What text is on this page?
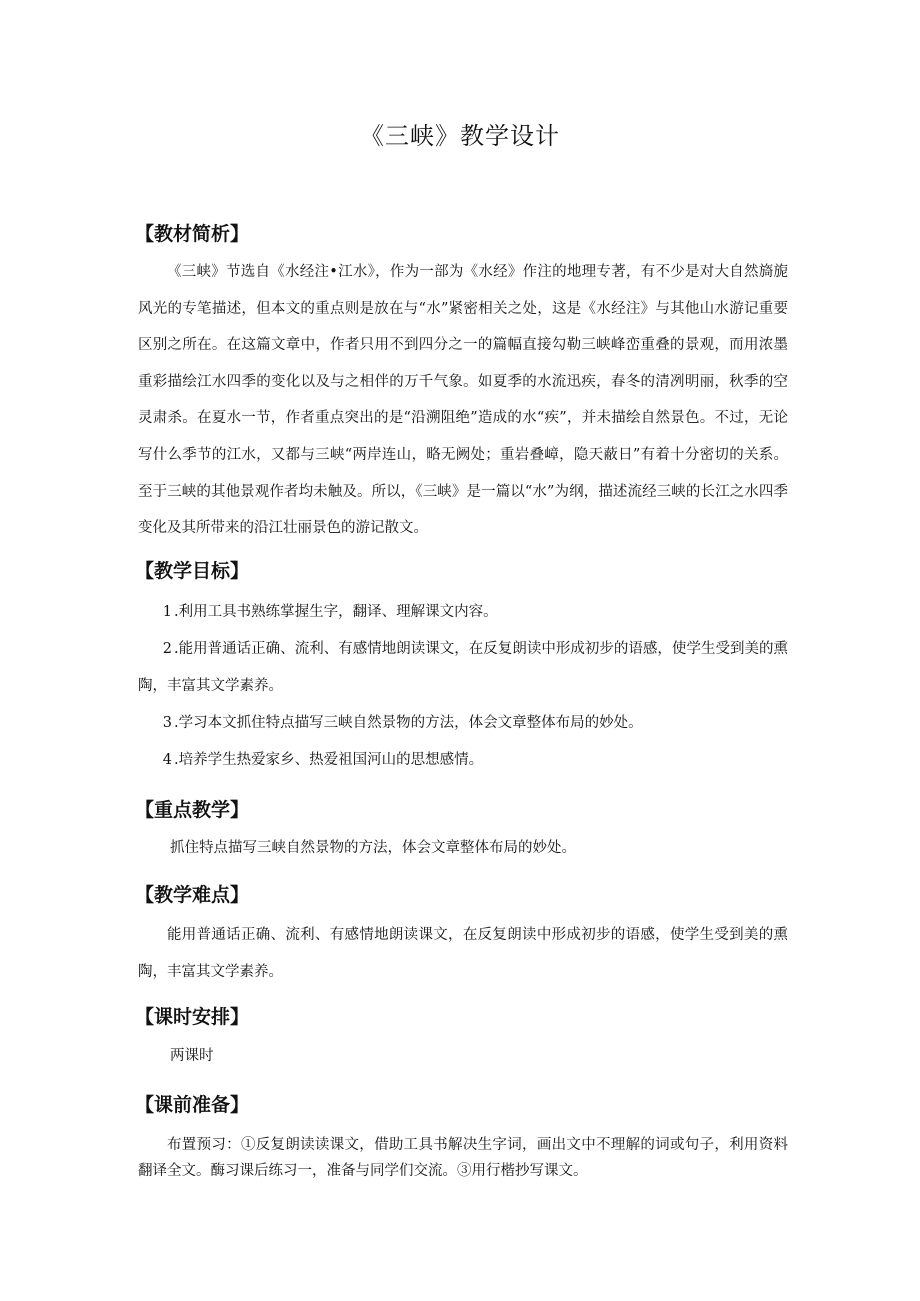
《三峡》教学设计
【教材简析】
《三峡》节选自《水经注•江水》，作为一部为《水经》作注的地理专著，有不少是对大自然旖旎风光的专笔描述，但本文的重点则是放在与“水”紧密相关之处，这是《水经注》与其他山水游记重要区别之所在。在这篇文章中，作者只用不到四分之一的篇幅直接勾勒三峡峰峦重叠的景观，而用浓墨重彩描绘江水四季的变化以及与之相伴的万千气象。如夏季的水流迅疾，春冬的清冽明丽，秋季的空灵肃杀。在夏水一节，作者重点突出的是“沿溯阻绝”造成的水“疾”，并未描绘自然景色。不过，无论写什么季节的江水，又都与三峡“两岸连山，略无阙处；重岩叠嶂，隐天蔽日”有着十分密切的关系。至于三峡的其他景观作者均未触及。所以，《三峡》是一篇以“水”为纲，描述流经三峡的长江之水四季变化及其所带来的沿江壮丽景色的游记散文。
【教学目标】
1 .利用工具书熟练掌握生字，翻译、理解课文内容。
2 .能用普通话正确、流利、有感情地朗读课文，在反复朗读中形成初步的语感，使学生受到美的熏陶，丰富其文学素养。
3 .学习本文抓住特点描写三峡自然景物的方法，体会文章整体布局的妙处。
4 .培养学生热爱家乡、热爱祖国河山的思想感情。
【重点教学】
抓住特点描写三峡自然景物的方法，体会文章整体布局的妙处。
【教学难点】
能用普通话正确、流利、有感情地朗读课文，在反复朗读中形成初步的语感，使学生受到美的熏陶，丰富其文学素养。
【课时安排】
两课时
【课前准备】
布置预习：①反复朗读读课文，借助工具书解决生字词，画出文中不理解的词或句子，利用资料翻译全文。酶习课后练习一，准备与同学们交流。③用行楷抄写课文。
